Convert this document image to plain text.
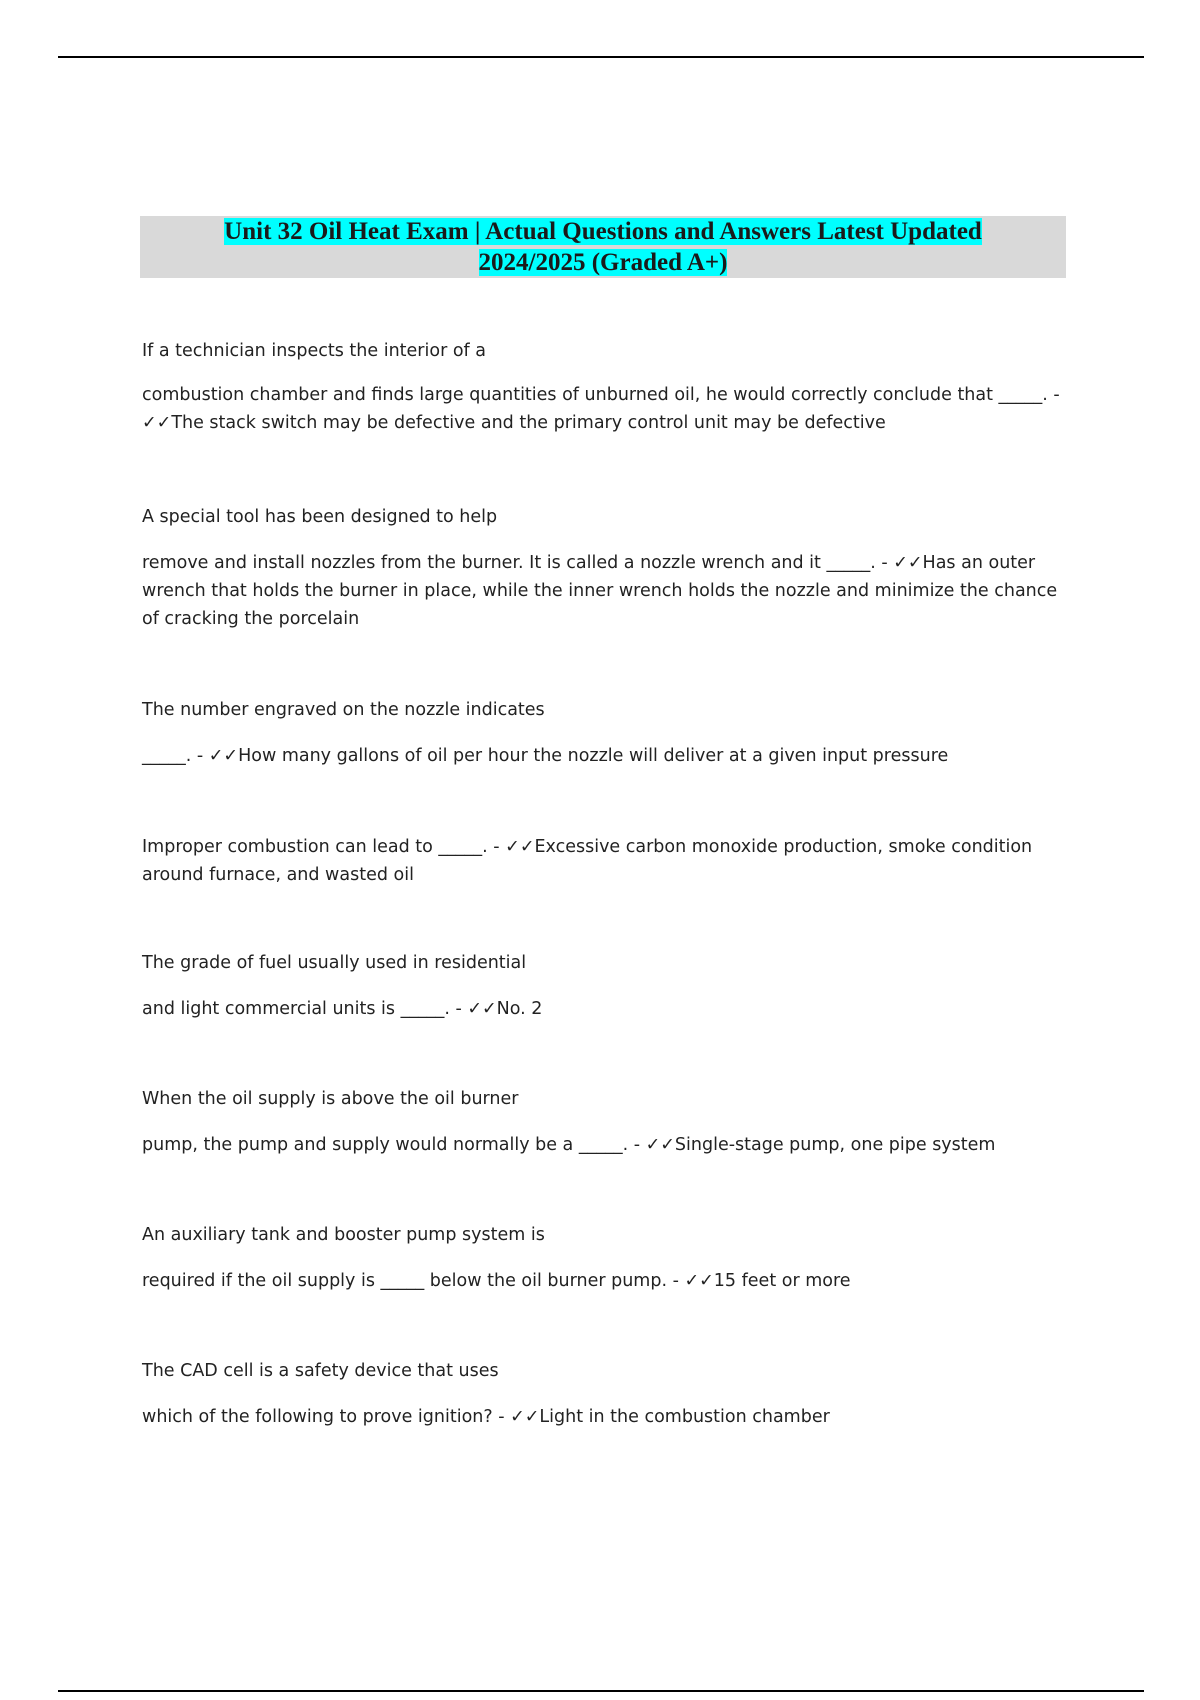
Unit 32 Oil Heat Exam | Actual Questions and Answers Latest Updated
2024/2025 (Graded A+)
If a technician inspects the interior of a
combustion chamber and finds large quantities of unburned oil, he would correctly conclude that _____. - ✓✓The stack switch may be defective and the primary control unit may be defective
A special tool has been designed to help
remove and install nozzles from the burner. It is called a nozzle wrench and it _____. - ✓✓Has an outer wrench that holds the burner in place, while the inner wrench holds the nozzle and minimize the chance of cracking the porcelain
The number engraved on the nozzle indicates
_____. - ✓✓How many gallons of oil per hour the nozzle will deliver at a given input pressure
Improper combustion can lead to _____. - ✓✓Excessive carbon monoxide production, smoke condition around furnace, and wasted oil
The grade of fuel usually used in residential
and light commercial units is _____. - ✓✓No. 2
When the oil supply is above the oil burner
pump, the pump and supply would normally be a _____. - ✓✓Single-stage pump, one pipe system
An auxiliary tank and booster pump system is
required if the oil supply is _____ below the oil burner pump. - ✓✓15 feet or more
The CAD cell is a safety device that uses
which of the following to prove ignition? - ✓✓Light in the combustion chamber
